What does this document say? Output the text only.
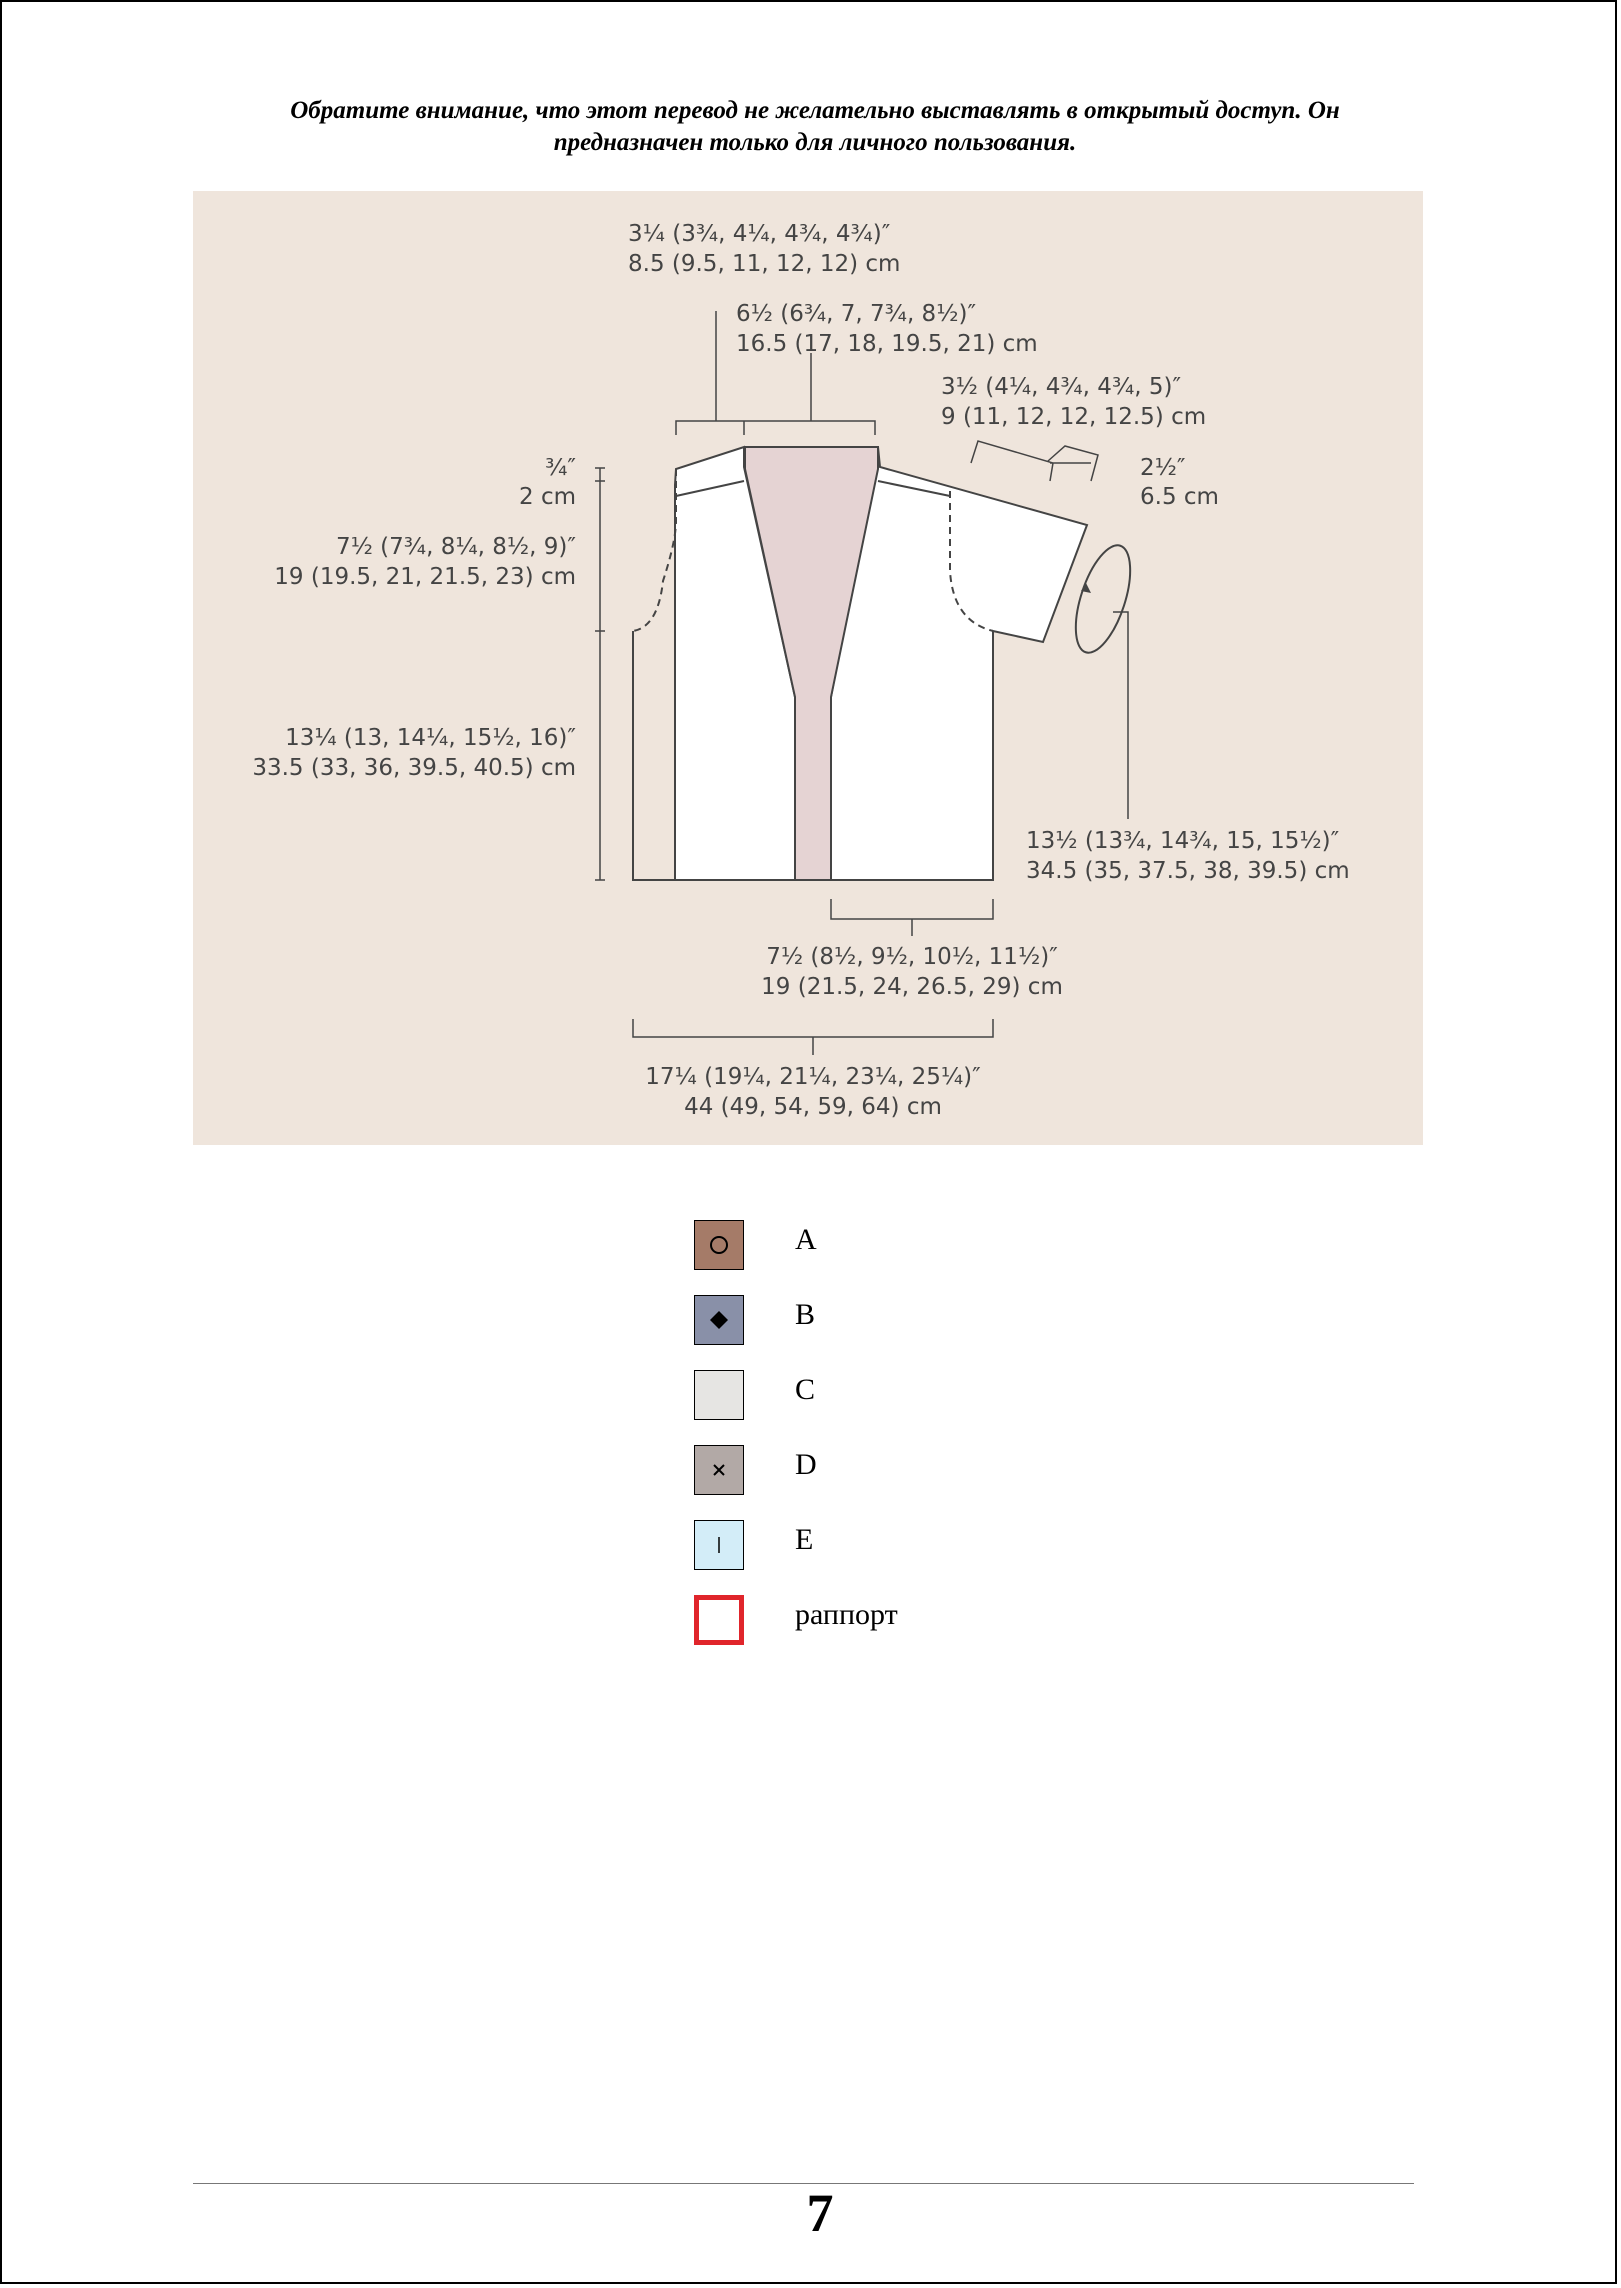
Обратите внимание, что этот перевод не желательно выставлять в открытый доступ. Он
предназначен только для личного пользования.
3¼ (3¾, 4¼, 4¾, 4¾)″
8.5 (9.5, 11, 12, 12) cm
6½ (6¾, 7, 7¾, 8½)″
16.5 (17, 18, 19.5, 21) cm
3½ (4¼, 4¾, 4¾, 5)″
9 (11, 12, 12, 12.5) cm
2½″
6.5 cm
¾″
2 cm
7½ (7¾, 8¼, 8½, 9)″
19 (19.5, 21, 21.5, 23) cm
13¼ (13, 14¼, 15½, 16)″
33.5 (33, 36, 39.5, 40.5) cm
13½ (13¾, 14¾, 15, 15½)″
34.5 (35, 37.5, 38, 39.5) cm
7½ (8½, 9½, 10½, 11½)″
19 (21.5, 24, 26.5, 29) cm
17¼ (19¼, 21¼, 23¼, 25¼)″
44 (49, 54, 59, 64) cm
A
B
C
D
E
раппорт
7
